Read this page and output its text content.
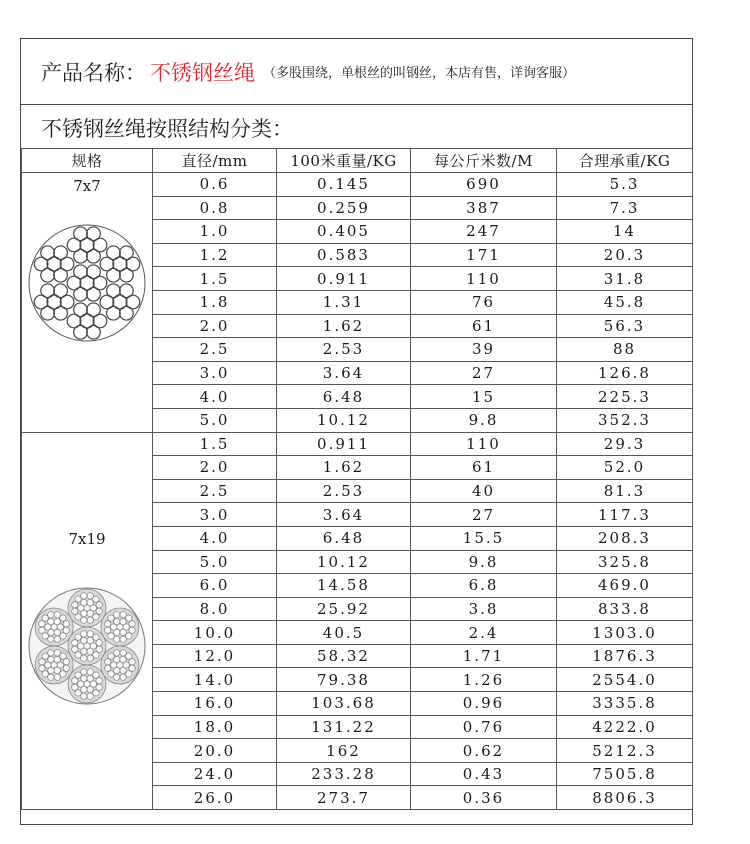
产品名称： 不锈钢丝绳 （多股围绕，单根丝的叫钢丝，本店有售，详询客服）
不锈钢丝绳按照结构分类：
规格	直径/mm	100米重量/KG	每公斤米数/M	合理承重/KG

7x7	0.6	0.145	690	5.3
	0.8	0.259	387	7.3
	1.0	0.405	247	14
	1.2	0.583	171	20.3
	1.5	0.911	110	31.8
	1.8	1.31	76	45.8
	2.0	1.62	61	56.3
	2.5	2.53	39	88
	3.0	3.64	27	126.8
	4.0	6.48	15	225.3
	5.0	10.12	9.8	352.3

7x19	1.5	0.911	110	29.3
	2.0	1.62	61	52.0
	2.5	2.53	40	81.3
	3.0	3.64	27	117.3
	4.0	6.48	15.5	208.3
	5.0	10.12	9.8	325.8
	6.0	14.58	6.8	469.0
	8.0	25.92	3.8	833.8
	10.0	40.5	2.4	1303.0
	12.0	58.32	1.71	1876.3
	14.0	79.38	1.26	2554.0
	16.0	103.68	0.96	3335.8
	18.0	131.22	0.76	4222.0
	20.0	162	0.62	5212.3
	24.0	233.28	0.43	7505.8
	26.0	273.7	0.36	8806.3
